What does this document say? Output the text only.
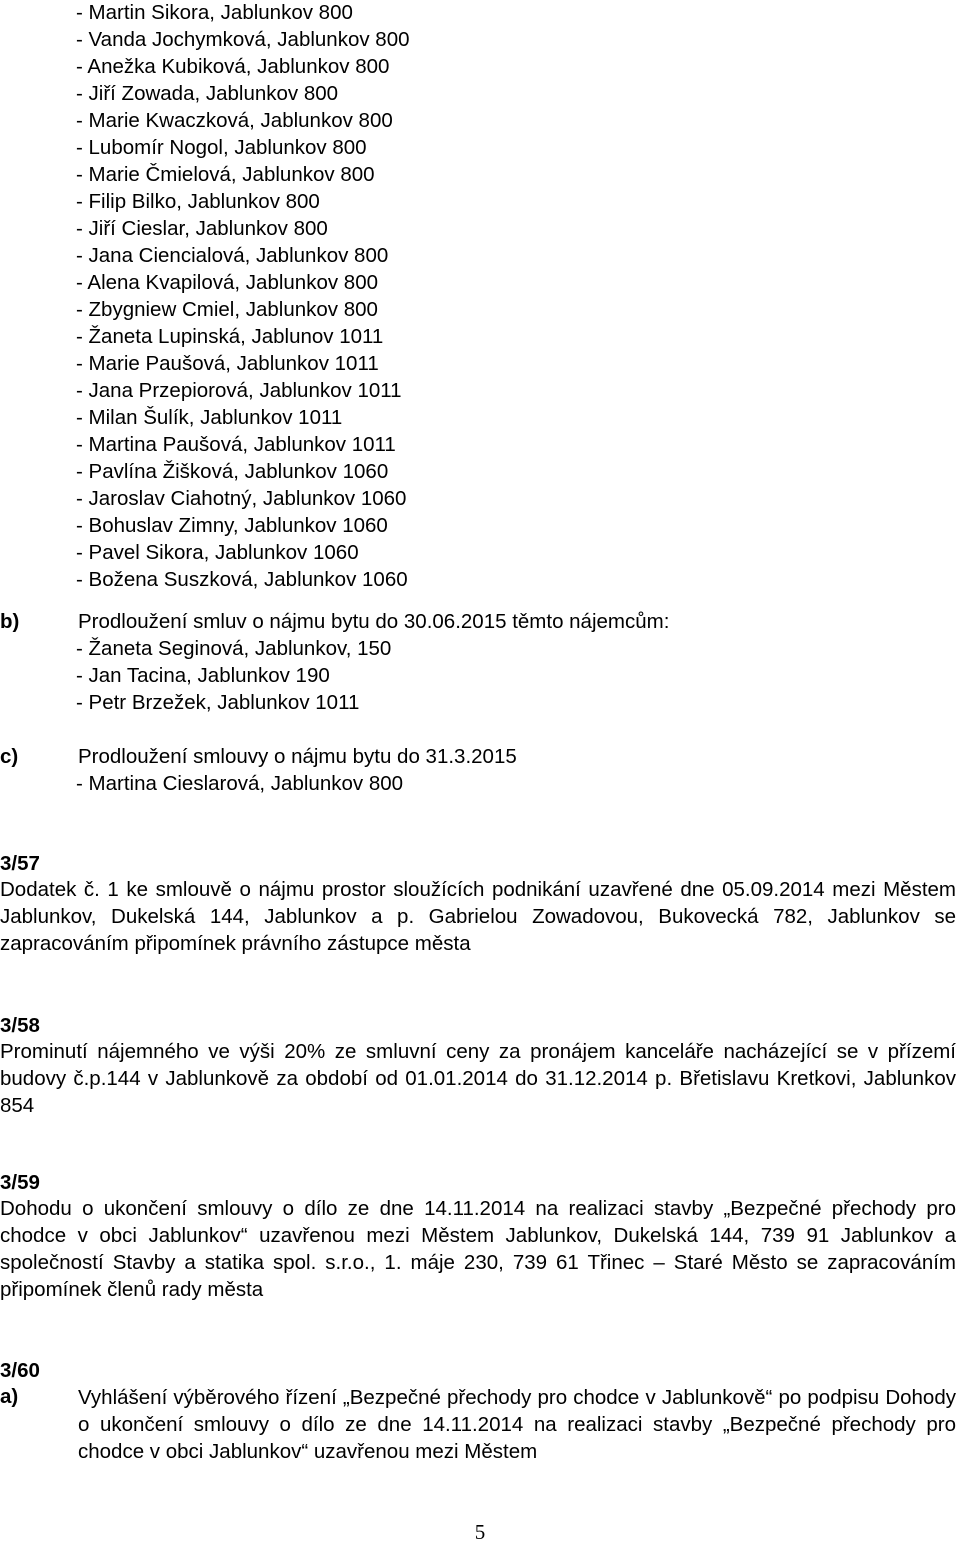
- Martin Sikora, Jablunkov 800
- Vanda Jochymková, Jablunkov 800
- Anežka Kubiková, Jablunkov 800
- Jiří Zowada, Jablunkov 800
- Marie Kwaczková, Jablunkov 800
- Lubomír Nogol, Jablunkov 800
- Marie Čmielová, Jablunkov 800
- Filip Bilko, Jablunkov 800
- Jiří Cieslar, Jablunkov 800
- Jana Ciencialová, Jablunkov 800
- Alena Kvapilová, Jablunkov 800
- Zbygniew Cmiel, Jablunkov 800
- Žaneta Lupinská, Jablunov 1011
- Marie Paušová, Jablunkov 1011
- Jana Przepiorová, Jablunkov 1011
- Milan Šulík, Jablunkov 1011
- Martina Paušová, Jablunkov 1011
- Pavlína Žišková, Jablunkov 1060
- Jaroslav Ciahotný, Jablunkov 1060
- Bohuslav Zimny, Jablunkov 1060
- Pavel Sikora, Jablunkov 1060
- Božena Suszková, Jablunkov 1060
b)	Prodloužení smluv o nájmu bytu do 30.06.2015 těmto nájemcům:
- Žaneta Seginová, Jablunkov, 150
- Jan Tacina, Jablunkov 190
- Petr Brzežek, Jablunkov 1011
c)	Prodloužení smlouvy o nájmu bytu do 31.3.2015
- Martina Cieslarová, Jablunkov 800
3/57
Dodatek č. 1 ke smlouvě o nájmu prostor sloužících podnikání uzavřené dne 05.09.2014 mezi Městem Jablunkov, Dukelská 144, Jablunkov a p. Gabrielou Zowadovou, Bukovecká 782, Jablunkov se zapracováním připomínek právního zástupce města
3/58
Prominutí nájemného ve výši 20% ze smluvní ceny za pronájem kanceláře nacházející se v přízemí budovy č.p.144 v Jablunkově za období od 01.01.2014 do 31.12.2014 p. Břetislavu Kretkovi, Jablunkov 854
3/59
Dohodu o ukončení smlouvy o dílo ze dne 14.11.2014 na realizaci stavby „Bezpečné přechody pro chodce v obci Jablunkov“ uzavřenou mezi Městem Jablunkov, Dukelská 144, 739 91 Jablunkov a společností Stavby a statika spol. s.r.o., 1. máje 230, 739 61 Třinec – Staré Město se zapracováním připomínek členů rady města
3/60
a)	Vyhlášení výběrového řízení „Bezpečné přechody pro chodce v Jablunkově“ po podpisu Dohody o ukončení smlouvy o dílo ze dne 14.11.2014 na realizaci stavby „Bezpečné přechody pro chodce v obci Jablunkov“ uzavřenou mezi Městem
5
